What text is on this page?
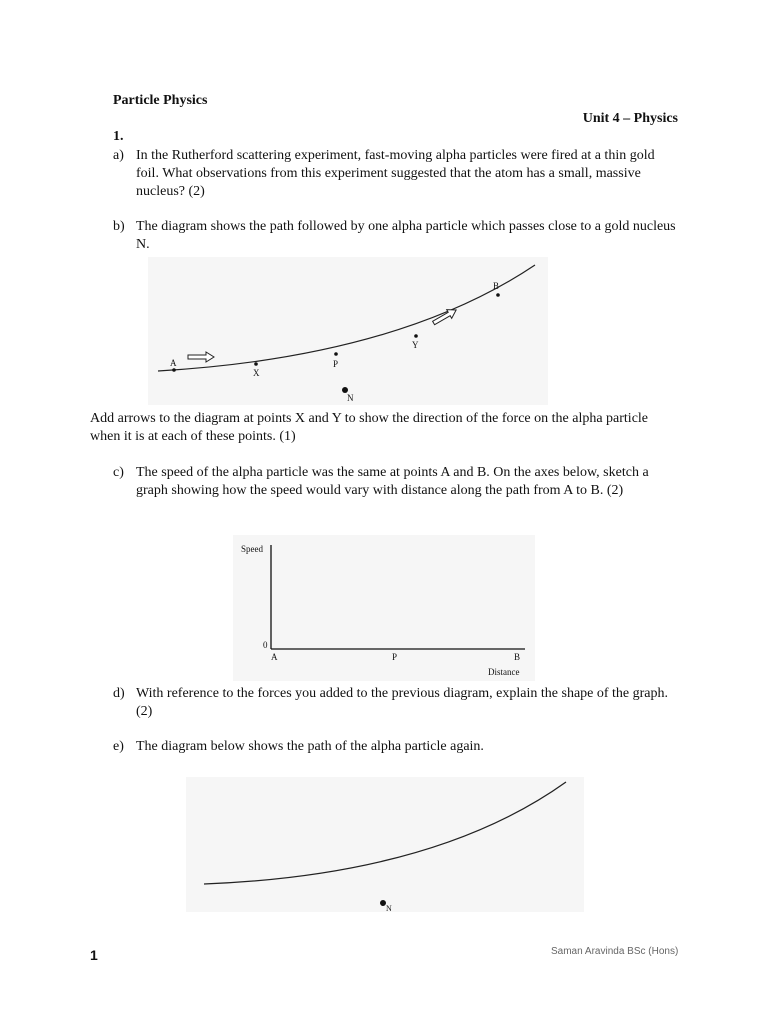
Particle Physics
Unit 4 – Physics
1.
a) In the Rutherford scattering experiment, fast-moving alpha particles were fired at a thin gold foil. What observations from this experiment suggested that the atom has a small, massive nucleus? (2)
b) The diagram shows the path followed by one alpha particle which passes close to a gold nucleus N.
A
X
P
Y
B
N
Add arrows to the diagram at points X and Y to show the direction of the force on the alpha particle when it is at each of these points. (1)
c) The speed of the alpha particle was the same at points A and B. On the axes below, sketch a graph showing how the speed would vary with distance along the path from A to B. (2)
Speed
0
A	P	B
Distance
d) With reference to the forces you added to the previous diagram, explain the shape of the graph. (2)
e) The diagram below shows the path of the alpha particle again.
N
1	Saman Aravinda BSc (Hons)
